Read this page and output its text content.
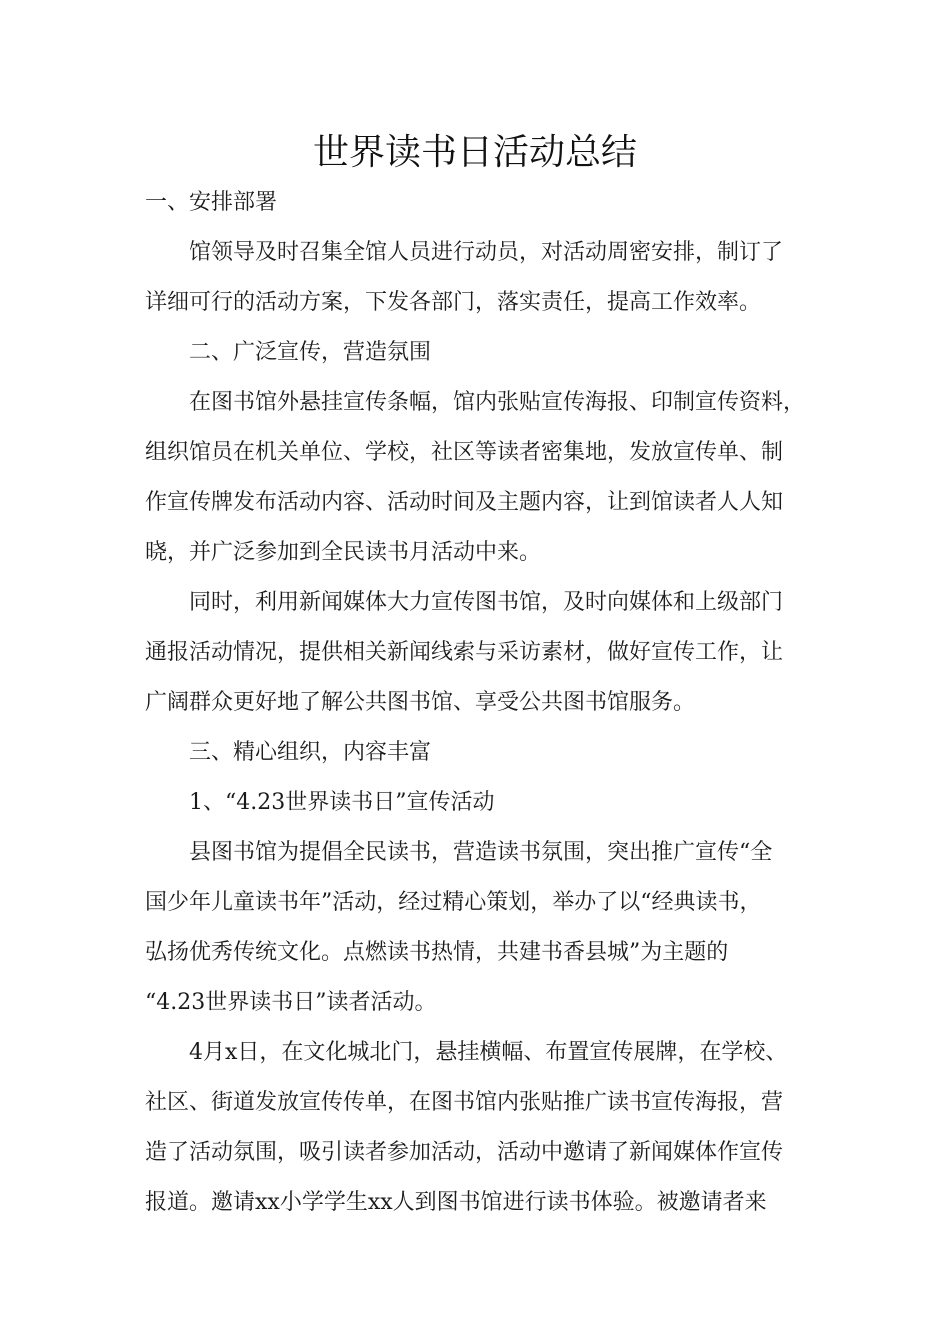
世界读书日活动总结
一、安排部署
馆领导及时召集全馆人员进行动员，对活动周密安排，制订了
详细可行的活动方案，下发各部门，落实责任，提高工作效率。
二、广泛宣传，营造氛围
在图书馆外悬挂宣传条幅，馆内张贴宣传海报、印制宣传资料，
组织馆员在机关单位、学校，社区等读者密集地，发放宣传单、制
作宣传牌发布活动内容、活动时间及主题内容，让到馆读者人人知
晓，并广泛参加到全民读书月活动中来。
同时，利用新闻媒体大力宣传图书馆，及时向媒体和上级部门
通报活动情况，提供相关新闻线索与采访素材，做好宣传工作，让
广阔群众更好地了解公共图书馆、享受公共图书馆服务。
三、精心组织，内容丰富
1、“4.23世界读书日”宣传活动
县图书馆为提倡全民读书，营造读书氛围，突出推广宣传“全
国少年儿童读书年”活动，经过精心策划，举办了以“经典读书，
弘扬优秀传统文化。点燃读书热情，共建书香县城”为主题的
“4.23世界读书日”读者活动。
4月x日，在文化城北门，悬挂横幅、布置宣传展牌，在学校、
社区、街道发放宣传传单，在图书馆内张贴推广读书宣传海报，营
造了活动氛围，吸引读者参加活动，活动中邀请了新闻媒体作宣传
报道。邀请xx小学学生xx人到图书馆进行读书体验。被邀请者来
